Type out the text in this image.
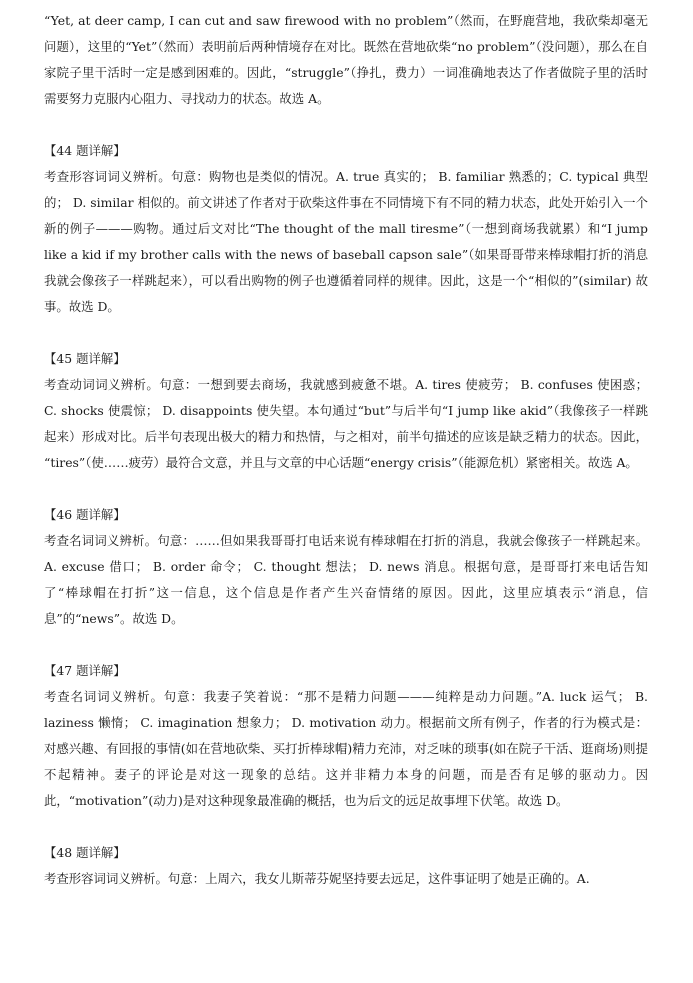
“Yet, at deer camp, I can cut and saw firewood with no problem”（然而，在野鹿营地，我砍柴却毫无问题），这里的“Yet”（然而）表明前后两种情境存在对比。既然在营地砍柴“no problem”（没问题），那么在自家院子里干活时一定是感到困难的。因此，“struggle”（挣扎，费力）一词准确地表达了作者做院子里的活时需要努力克服内心阻力、寻找动力的状态。故选 A。

【44 题详解】

考查形容词词义辨析。句意：购物也是类似的情况。A. true 真实的； B. familiar 熟悉的；C. typical 典型的； D. similar 相似的。前文讲述了作者对于砍柴这件事在不同情境下有不同的精力状态，此处开始引入一个新的例子———购物。通过后文对比“The thought of the mall tiresme”（一想到商场我就累）和“I jump like a kid if my brother calls with the news of baseball capson sale”（如果哥哥带来棒球帽打折的消息我就会像孩子一样跳起来），可以看出购物的例子也遵循着同样的规律。因此，这是一个“相似的”(similar) 故事。故选 D。

【45 题详解】

考查动词词义辨析。句意：一想到要去商场，我就感到疲惫不堪。A. tires 使疲劳； B. confuses 使困惑； C. shocks 使震惊； D. disappoints 使失望。本句通过“but”与后半句“I jump like akid”（我像孩子一样跳起来）形成对比。后半句表现出极大的精力和热情，与之相对，前半句描述的应该是缺乏精力的状态。因此， “tires”（使……疲劳）最符合文意，并且与文章的中心话题“energy crisis”（能源危机）紧密相关。故选 A。

【46 题详解】

考查名词词义辨析。句意：……但如果我哥哥打电话来说有棒球帽在打折的消息，我就会像孩子一样跳起来。A. excuse 借口； B. order 命令； C. thought 想法； D. news 消息。根据句意，是哥哥打来电话告知了“棒球帽在打折”这一信息，这个信息是作者产生兴奋情绪的原因。因此，这里应填表示“消息，信息”的“news”。故选 D。

【47 题详解】

考查名词词义辨析。句意：我妻子笑着说：“那不是精力问题———纯粹是动力问题。”A. luck 运气； B. laziness 懒惰； C. imagination 想象力； D. motivation 动力。根据前文所有例子，作者的行为模式是：对感兴趣、有回报的事情(如在营地砍柴、买打折棒球帽)精力充沛，对乏味的琐事(如在院子干活、逛商场)则提不起精神。妻子的评论是对这一现象的总结。这并非精力本身的问题，而是否有足够的驱动力。因此，“motivation”(动力)是对这种现象最准确的概括，也为后文的远足故事埋下伏笔。故选 D。

【48 题详解】

考查形容词词义辨析。句意：上周六，我女儿斯蒂芬妮坚持要去远足，这件事证明了她是正确的。A.
